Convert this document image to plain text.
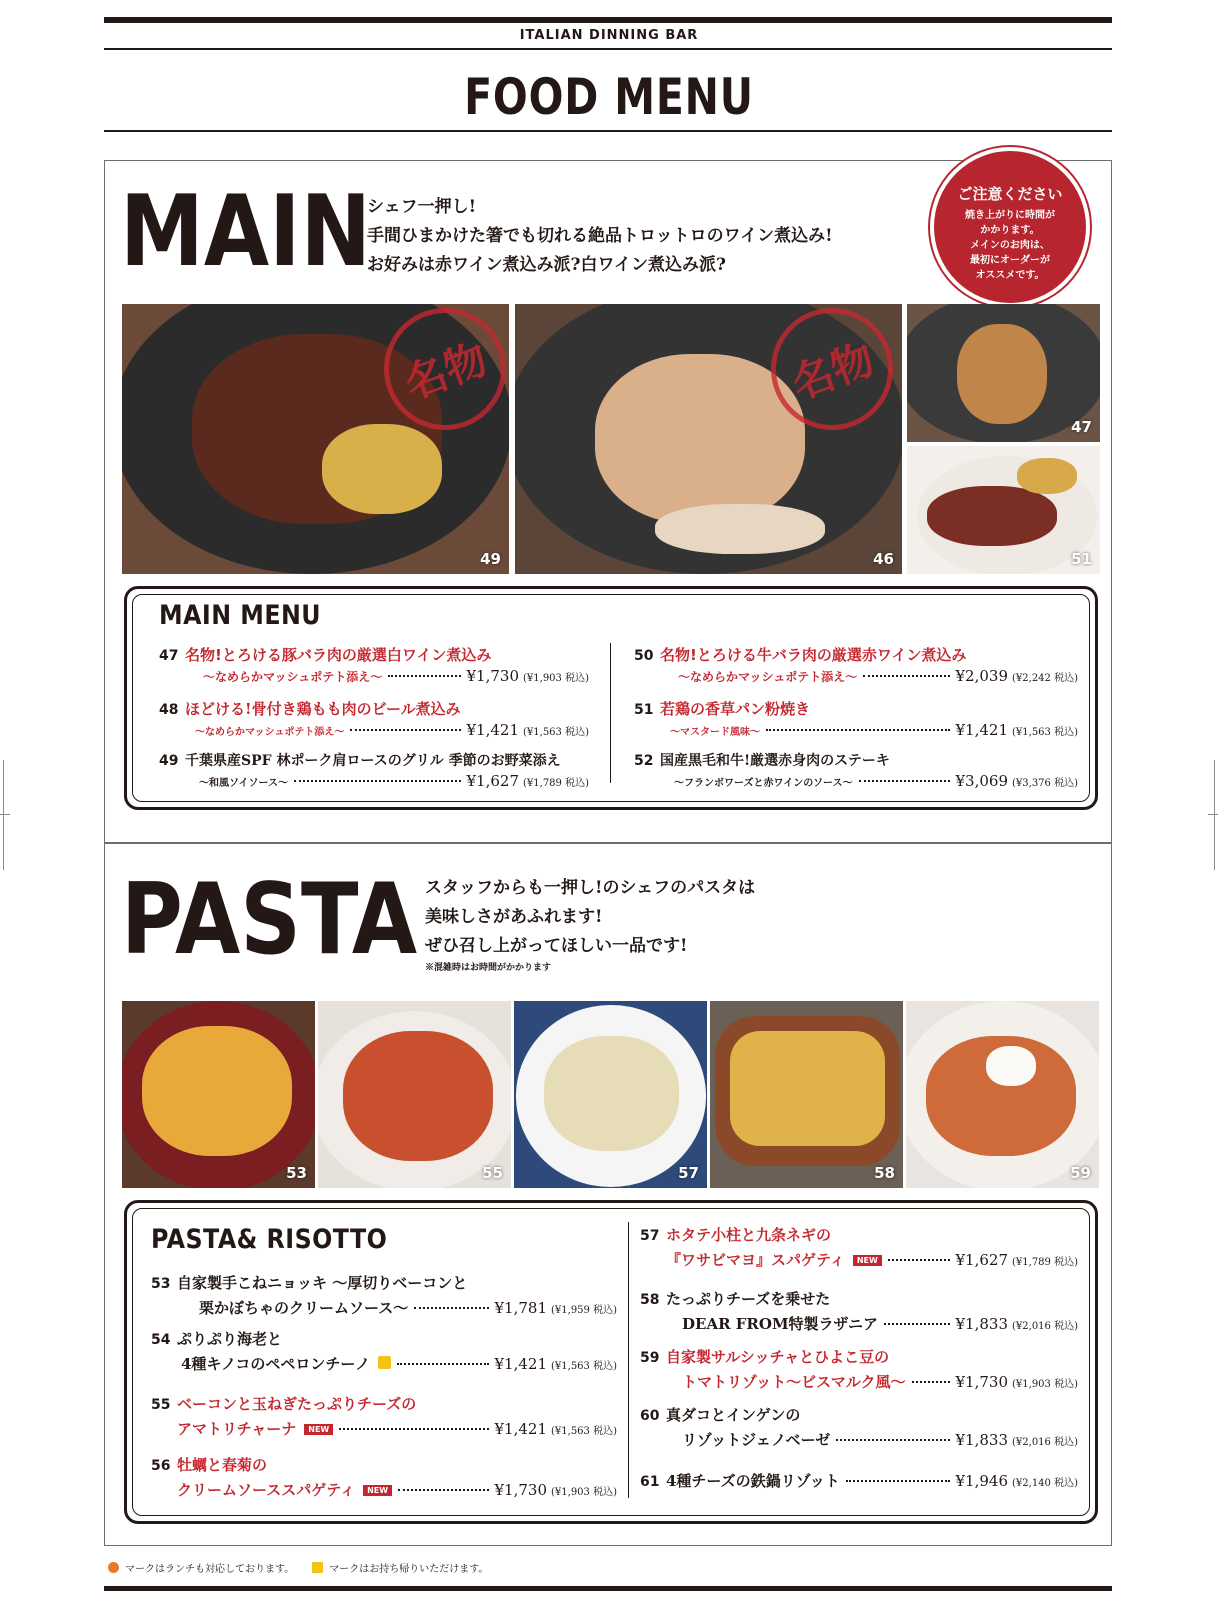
ITALIAN DINNING BAR
FOOD MENU
MAIN
シェフ一押し!
手間ひまかけた箸でも切れる絶品トロットロのワイン煮込み!
お好みは赤ワイン煮込み派?白ワイン煮込み派?
ご注意ください
焼き上がりに時間が
かかります。
メインのお肉は、
最初にオーダーが
オススメです。
名物
49
名物
46
47
51
MAIN MENU
47 名物!とろける豚バラ肉の厳選白ワイン煮込み
～なめらかマッシュポテト添え～	¥1,730 (¥1,903 税込)
48 ほどける!骨付き鶏もも肉のビール煮込み
～なめらかマッシュポテト添え～	¥1,421 (¥1,563 税込)
49 千葉県産SPF 林ポーク肩ロースのグリル 季節のお野菜添え
～和風ソイソース～	¥1,627 (¥1,789 税込)
50 名物!とろける牛バラ肉の厳選赤ワイン煮込み
～なめらかマッシュポテト添え～	¥2,039 (¥2,242 税込)
51 若鶏の香草パン粉焼き
～マスタード風味～	¥1,421 (¥1,563 税込)
52 国産黒毛和牛!厳選赤身肉のステーキ
～フランボワーズと赤ワインのソース～	¥3,069 (¥3,376 税込)
PASTA スタッフからも一押し!のシェフのパスタは
美味しさがあふれます!
ぜひ召し上がってほしい一品です!
※混雑時はお時間がかかります
53	55	57	58	59
PASTA& RISOTTO
53 自家製手こねニョッキ ～厚切りベーコンと
栗かぼちゃのクリームソース～	¥1,781 (¥1,959 税込)
54 ぷりぷり海老と
4種キノコのペペロンチーノ	¥1,421 (¥1,563 税込)
55 ベーコンと玉ねぎたっぷりチーズの
アマトリチャーナ	NEW	¥1,421 (¥1,563 税込)
56 牡蠣と春菊の
クリームソーススパゲティ	NEW	¥1,730 (¥1,903 税込)
57 ホタテ小柱と九条ネギの
『ワサビマヨ』スパゲティ	NEW	¥1,627 (¥1,789 税込)
58 たっぷりチーズを乗せた
DEAR FROM特製ラザニア	¥1,833 (¥2,016 税込)
59 自家製サルシッチャとひよこ豆の
トマトリゾット～ビスマルク風～	¥1,730 (¥1,903 税込)
60 真ダコとインゲンの
リゾットジェノベーゼ	¥1,833 (¥2,016 税込)
61 4種チーズの鉄鍋リゾット	¥1,946 (¥2,140 税込)
マークはランチも対応しております。	マークはお持ち帰りいただけます。
